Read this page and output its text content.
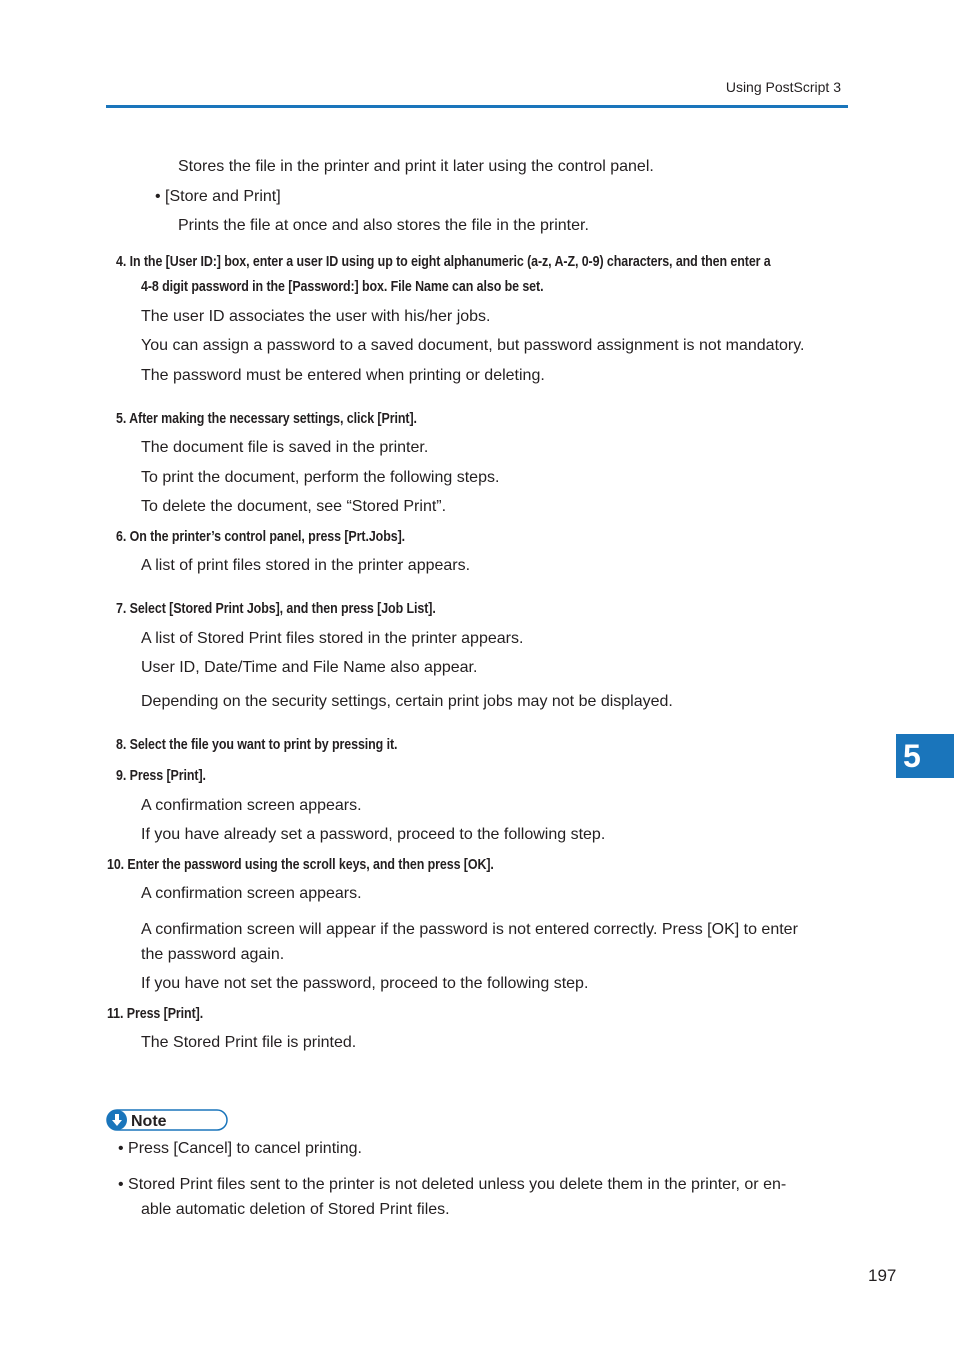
Using PostScript 3
Stores the file in the printer and print it later using the control panel.
• [Store and Print]
Prints the file at once and also stores the file in the printer.
4. In the [User ID:] box, enter a user ID using up to eight alphanumeric (a-z, A-Z, 0-9) characters, and then enter a
4-8 digit password in the [Password:] box. File Name can also be set.
The user ID associates the user with his/her jobs.
You can assign a password to a saved document, but password assignment is not mandatory.
The password must be entered when printing or deleting.
5. After making the necessary settings, click [Print].
The document file is saved in the printer.
To print the document, perform the following steps.
To delete the document, see “Stored Print”.
6. On the printer’s control panel, press [Prt.Jobs].
A list of print files stored in the printer appears.
7. Select [Stored Print Jobs], and then press [Job List].
A list of Stored Print files stored in the printer appears.
User ID, Date/Time and File Name also appear.
Depending on the security settings, certain print jobs may not be displayed.
8. Select the file you want to print by pressing it.
9. Press [Print].
A confirmation screen appears.
If you have already set a password, proceed to the following step.
10. Enter the password using the scroll keys, and then press [OK].
A confirmation screen appears.
A confirmation screen will appear if the password is not entered correctly. Press [OK] to enter
the password again.
If you have not set the password, proceed to the following step.
11. Press [Print].
The Stored Print file is printed.
Note
• Press [Cancel] to cancel printing.
• Stored Print files sent to the printer is not deleted unless you delete them in the printer, or en-
able automatic deletion of Stored Print files.
5
197
